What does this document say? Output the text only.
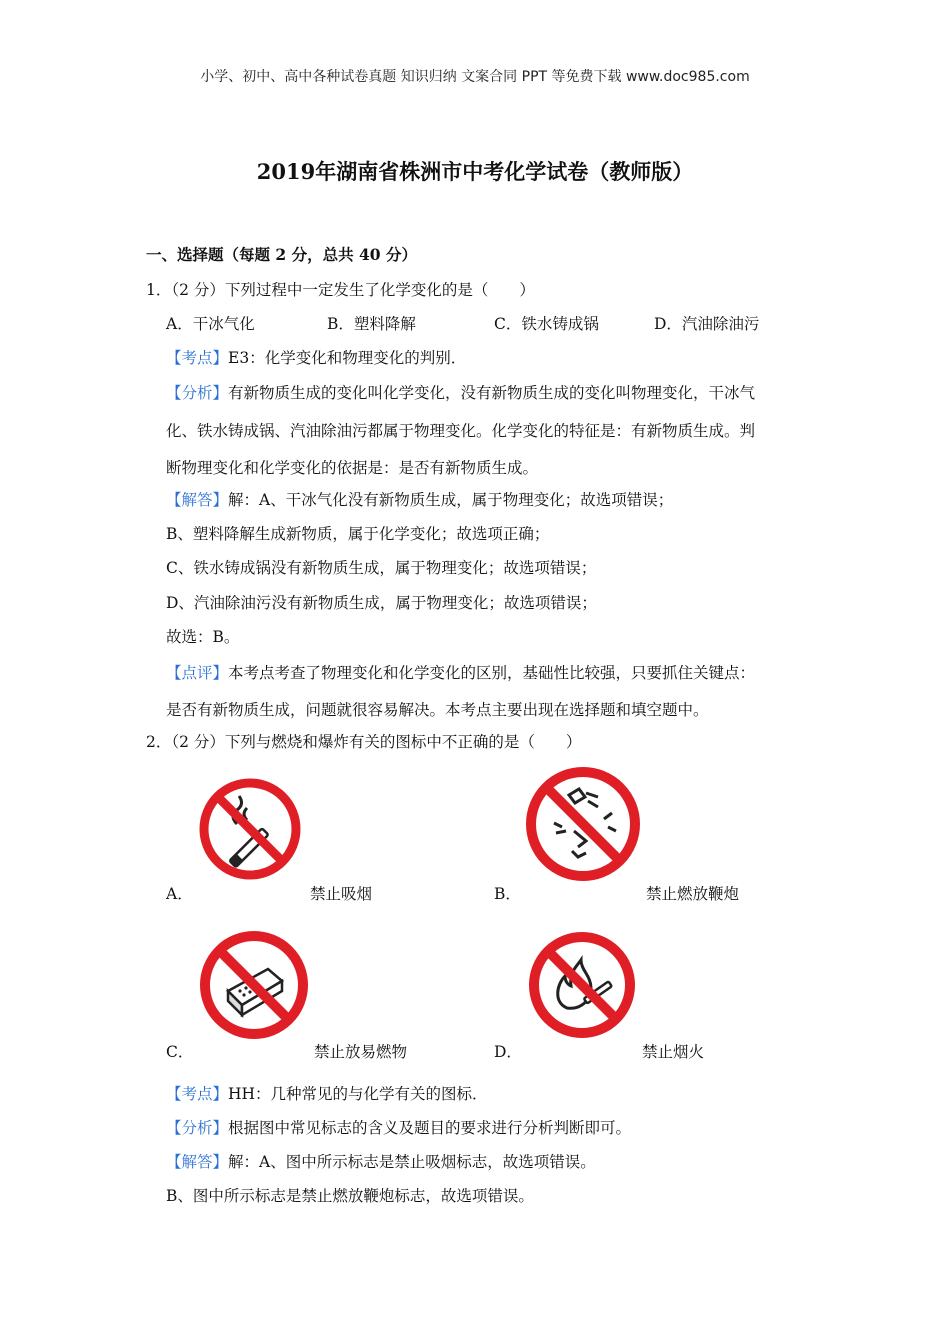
小学、初中、高中各种试卷真题 知识归纳 文案合同 PPT 等免费下载 www.doc985.com
2019年湖南省株洲市中考化学试卷（教师版）
一、选择题（每题 2 分，总共 40 分）
1．（2 分）下列过程中一定发生了化学变化的是（　　）
A．干冰气化	B．塑料降解	C．铁水铸成锅	D．汽油除油污
【考点】E3：化学变化和物理变化的判别．
【分析】有新物质生成的变化叫化学变化，没有新物质生成的变化叫物理变化，干冰气
化、铁水铸成锅、汽油除油污都属于物理变化。化学变化的特征是：有新物质生成。判
断物理变化和化学变化的依据是：是否有新物质生成。
【解答】解：A、干冰气化没有新物质生成，属于物理变化；故选项错误；
B、塑料降解生成新物质，属于化学变化；故选项正确；
C、铁水铸成锅没有新物质生成，属于物理变化；故选项错误；
D、汽油除油污没有新物质生成，属于物理变化；故选项错误；
故选：B。
【点评】本考点考查了物理变化和化学变化的区别，基础性比较强，只要抓住关键点：
是否有新物质生成，问题就很容易解决。本考点主要出现在选择题和填空题中。
2．（2 分）下列与燃烧和爆炸有关的图标中不正确的是（　　）
A．	禁止吸烟	B．	禁止燃放鞭炮
C．	禁止放易燃物	D．	禁止烟火
【考点】HH：几种常见的与化学有关的图标．
【分析】根据图中常见标志的含义及题目的要求进行分析判断即可。
【解答】解：A、图中所示标志是禁止吸烟标志，故选项错误。
B、图中所示标志是禁止燃放鞭炮标志，故选项错误。
